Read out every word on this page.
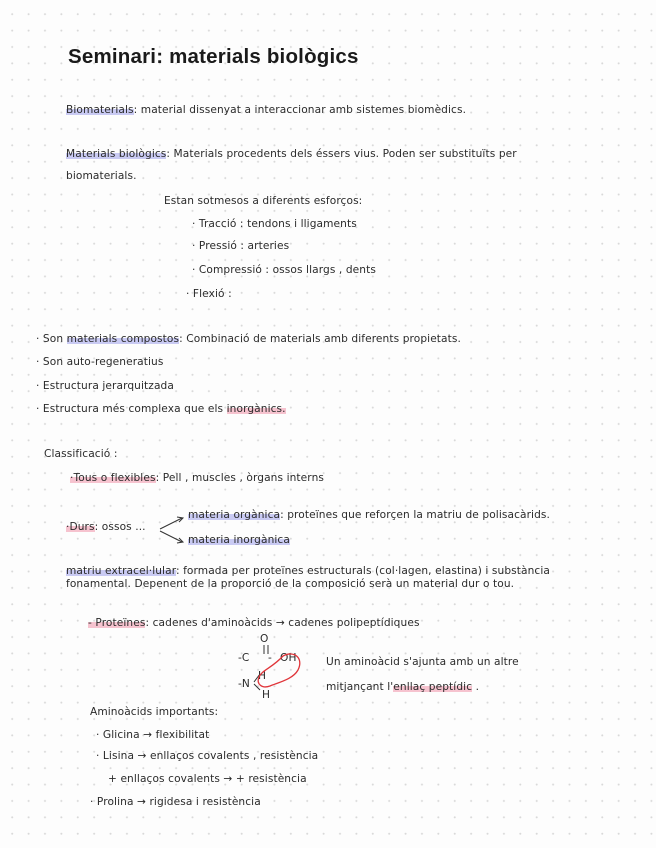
Seminari: materials biològics
Biomaterials: material dissenyat a interaccionar amb sistemes biomèdics.
Materials biològics: Materials procedents dels éssers vius. Poden ser substituïts per
biomaterials.
Estan sotmesos a diferents esforços:
· Tracció : tendons i lligaments
· Pressió : arteries
· Compressió : ossos llargs , dents
· Flexió :
· Son materials compostos: Combinació de materials amb diferents propietats.
· Son auto-regeneratius
· Estructura jerarquitzada
· Estructura més complexa que els inorgànics.
Classificació :
·Tous o flexibles: Pell , muscles , òrgans interns
·Durs: ossos ...
materia orgànica: proteïnes que reforçen la matriu de polisacàrids.
materia inorgànica
matriu extracel·lular: formada per proteïnes estructurals (col·lagen, elastina) i substància
fonamental. Depenent de la proporció de la composició serà un material dur o tou.
- Proteïnes: cadenes d'aminoàcids → cadenes polipeptídiques
O
-C - OH
-N
H
H
Un aminoàcid s'ajunta amb un altre
mitjançant l'enllaç peptídic .
Aminoàcids importants:
· Glicina → flexibilitat
· Lisina → enllaços covalents , resistència
+ enllaços covalents → + resistència
· Prolina → rigidesa i resistència
